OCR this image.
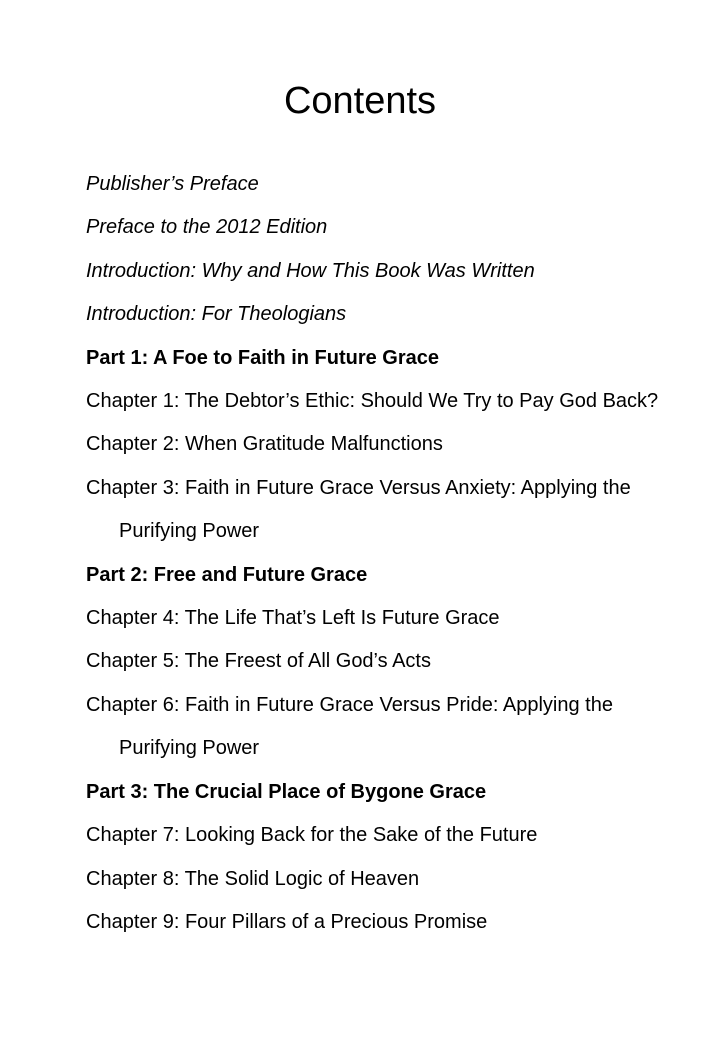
Contents
Publisher’s Preface
Preface to the 2012 Edition
Introduction: Why and How This Book Was Written
Introduction: For Theologians
Part 1: A Foe to Faith in Future Grace
Chapter 1: The Debtor’s Ethic: Should We Try to Pay God Back?
Chapter 2: When Gratitude Malfunctions
Chapter 3: Faith in Future Grace Versus Anxiety: Applying the Purifying Power
Part 2: Free and Future Grace
Chapter 4: The Life That’s Left Is Future Grace
Chapter 5: The Freest of All God’s Acts
Chapter 6: Faith in Future Grace Versus Pride: Applying the Purifying Power
Part 3: The Crucial Place of Bygone Grace
Chapter 7: Looking Back for the Sake of the Future
Chapter 8: The Solid Logic of Heaven
Chapter 9: Four Pillars of a Precious Promise
